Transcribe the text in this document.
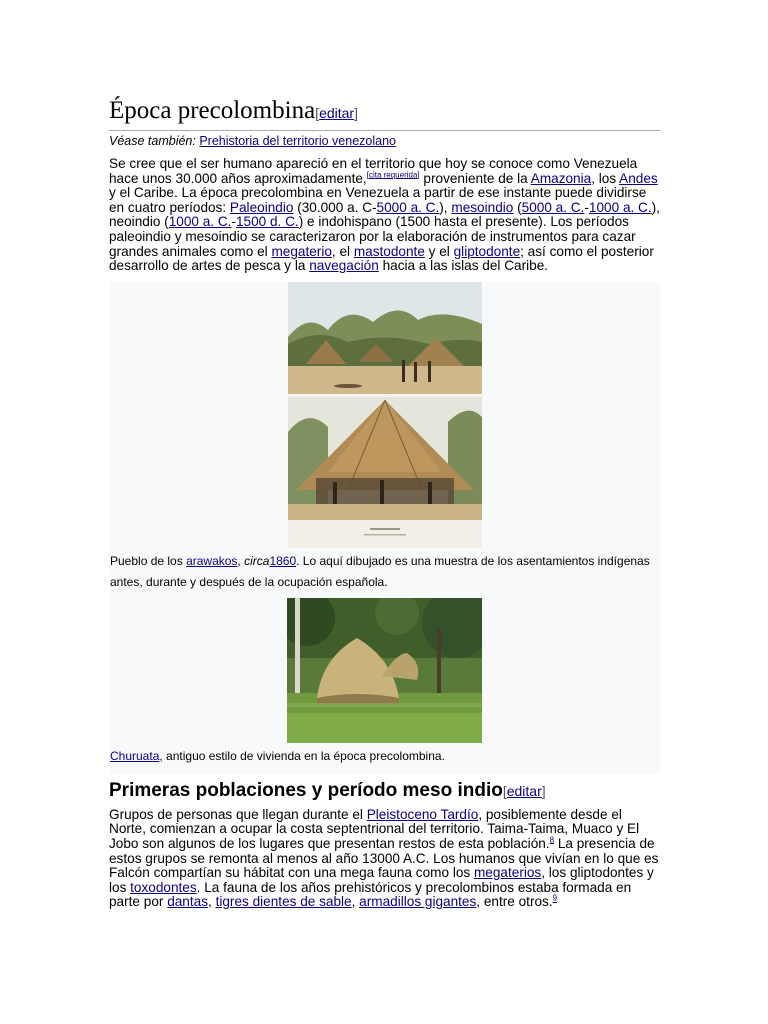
Época precolombina[editar]
Véase también: Prehistoria del territorio venezolano

Se cree que el ser humano apareció en el territorio que hoy se conoce como Venezuela hace unos 30.000 años aproximadamente,[cita requerida] proveniente de la Amazonia, los Andes y el Caribe. La época precolombina en Venezuela a partir de ese instante puede dividirse en cuatro períodos: Paleoindio (30.000 a. C-5000 a. C.), mesoindio (5000 a. C.-1000 a. C.), neoindio (1000 a. C.-1500 d. C.) e indohispano (1500 hasta el presente). Los períodos paleoindio y mesoindio se caracterizaron por la elaboración de instrumentos para cazar grandes animales como el megaterio, el mastodonte y el gliptodonte; así como el posterior desarrollo de artes de pesca y la navegación hacia a las islas del Caribe.

Pueblo de los arawakos, circa1860. Lo aquí dibujado es una muestra de los asentamientos indígenas antes, durante y después de la ocupación española.
Churuata, antiguo estilo de vivienda en la época precolombina.
Primeras poblaciones y período meso indio[editar]

Grupos de personas que llegan durante el Pleistoceno Tardío, posiblemente desde el Norte, comienzan a ocupar la costa septentrional del territorio. Taima-Taima, Muaco y El Jobo son algunos de los lugares que presentan restos de esta población.$^8$ La presencia de estos grupos se remonta al menos al año 13000 A.C. Los humanos que vivían en lo que es Falcón compartían su hábitat con una mega fauna como los megaterios, los gliptodontes y los toxodontes. La fauna de los años prehistóricos y precolombinos estaba formada en parte por dantas, tigres dientes de sable, armadillos gigantes, entre otros.$^9$
